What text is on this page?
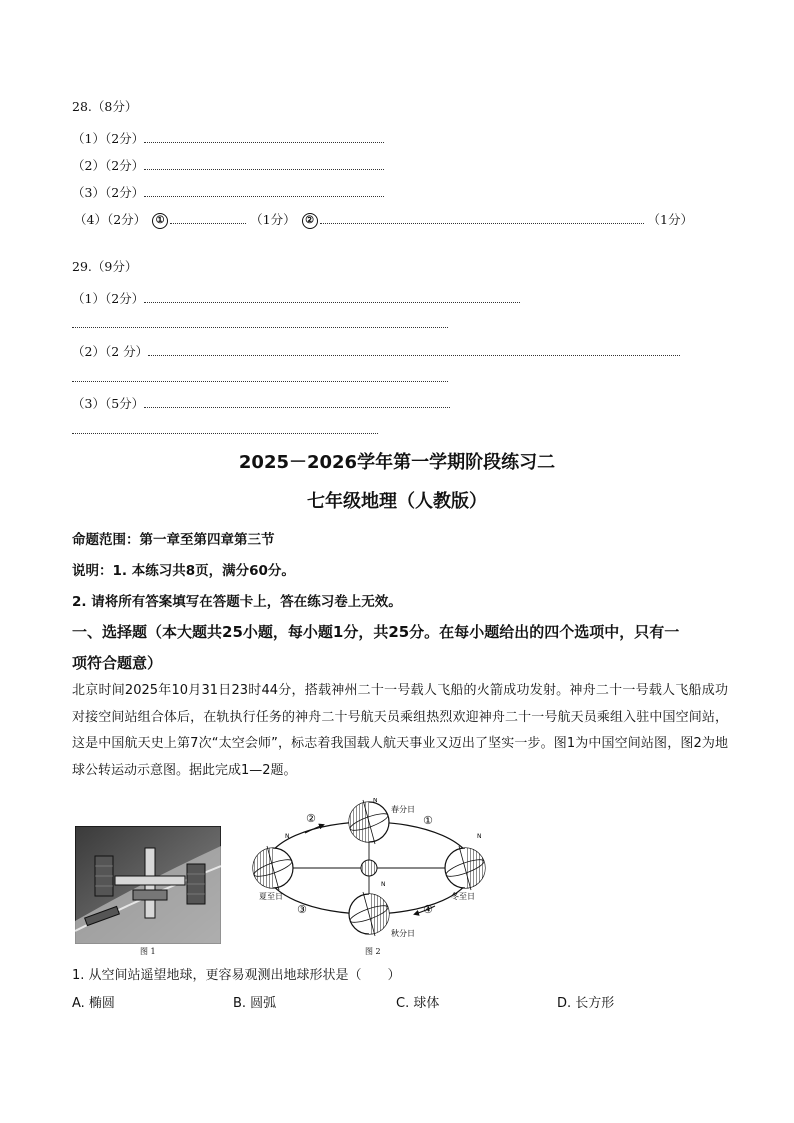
28.（8分）
（1）（2分）
（2）（2分）
（3）（2分）
（4）（2分） ①	（1分） ②	（1分）
29.（9分）
（1）（2分）
（2）（2 分）
（3）（5分）
2025－2026学年第一学期阶段练习二
七年级地理（人教版）
命题范围：第一章至第四章第三节
说明：1. 本练习共8页，满分60分。
2. 请将所有答案填写在答题卡上，答在练习卷上无效。
一、选择题（本大题共25小题，每小题1分，共25分。在每小题给出的四个选项中，只有一
项符合题意）
北京时间2025年10月31日23时44分，搭载神州二十一号载人飞船的火箭成功发射。神舟二十一号载人飞船成功对接空间站组合体后，在轨执行任务的神舟二十号航天员乘组热烈欢迎神舟二十一号航天员乘组入驻中国空间站，这是中国航天史上第7次“太空会师”，标志着我国载人航天事业又迈出了坚实一步。图1为中国空间站图，图2为地球公转运动示意图。据此完成1—2题。
图 1
春分日
夏至日	冬至日
秋分日
②	①
③	④
N
N	N
N
图 2
1. 从空间站遥望地球，更容易观测出地球形状是（　　）
A. 椭圆	B. 圆弧	C. 球体	D. 长方形
